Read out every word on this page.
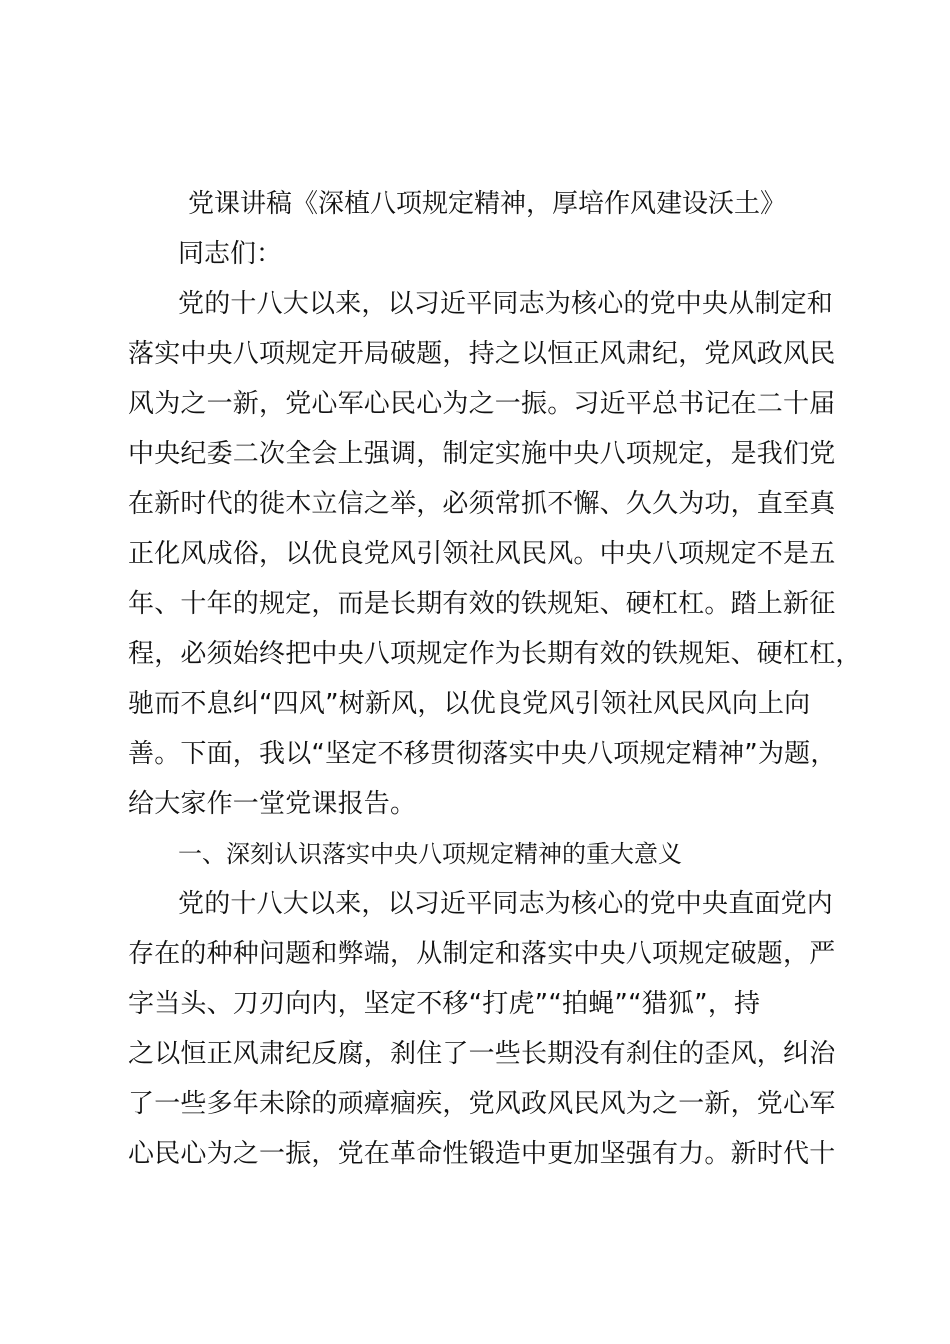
党课讲稿《深植八项规定精神，厚培作风建设沃土》
同志们：
党的十八大以来，以习近平同志为核心的党中央从制定和
落实中央八项规定开局破题，持之以恒正风肃纪，党风政风民
风为之一新，党心军心民心为之一振。习近平总书记在二十届
中央纪委二次全会上强调，制定实施中央八项规定，是我们党
在新时代的徙木立信之举，必须常抓不懈、久久为功，直至真
正化风成俗，以优良党风引领社风民风。中央八项规定不是五
年、十年的规定，而是长期有效的铁规矩、硬杠杠。踏上新征
程，必须始终把中央八项规定作为长期有效的铁规矩、硬杠杠，
驰而不息纠“四风”树新风，以优良党风引领社风民风向上向
善。下面，我以“坚定不移贯彻落实中央八项规定精神”为题，
给大家作一堂党课报告。
一、深刻认识落实中央八项规定精神的重大意义
党的十八大以来，以习近平同志为核心的党中央直面党内
存在的种种问题和弊端，从制定和落实中央八项规定破题，严
字当头、刀刃向内，坚定不移“打虎”“拍蝇”“猎狐”，持
之以恒正风肃纪反腐，刹住了一些长期没有刹住的歪风，纠治
了一些多年未除的顽瘴痼疾，党风政风民风为之一新，党心军
心民心为之一振，党在革命性锻造中更加坚强有力。新时代十
